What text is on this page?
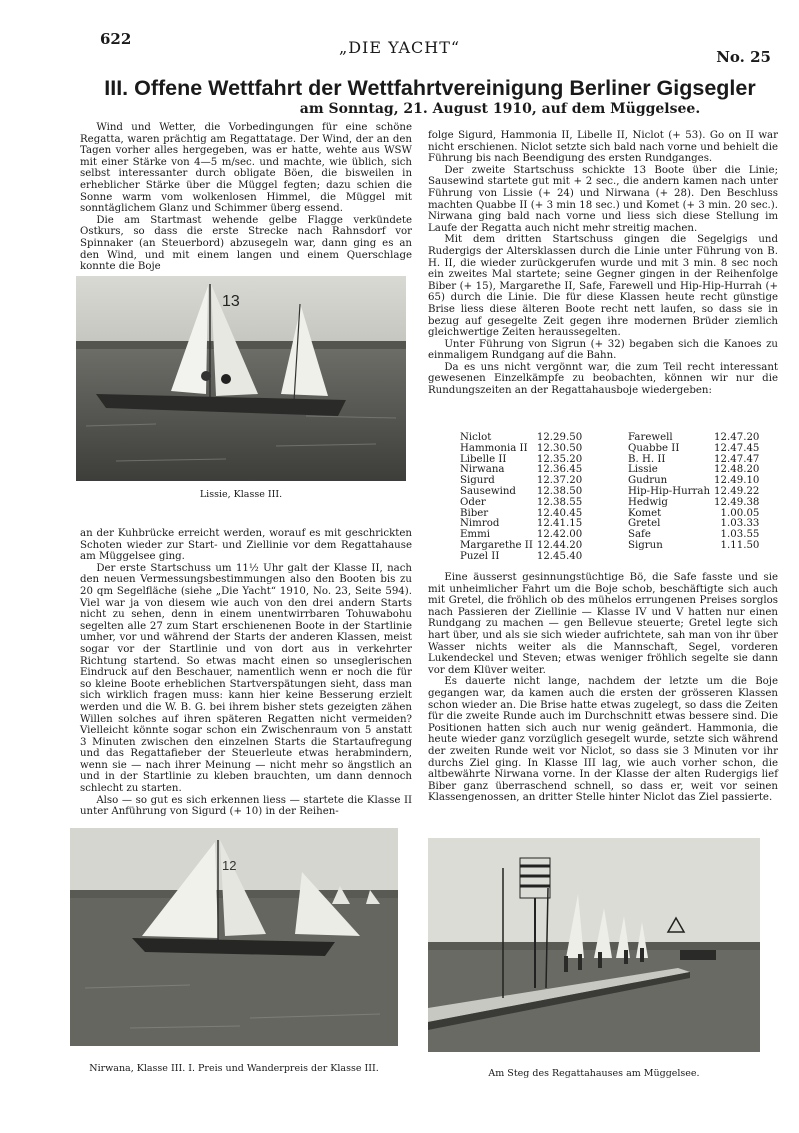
622	„DIE YACHT“	No. 25
III. Offene Wettfahrt der Wettfahrtvereinigung Berliner Gigsegler
am Sonntag, 21. August 1910, auf dem Müggelsee.

Wind und Wetter, die Vorbedingungen für eine schöne Regatta, waren prächtig am Regattatage. Der Wind, der an den Tagen vorher alles hergegeben, was er hatte, wehte aus WSW mit einer Stärke von 4—5 m/sec. und machte, wie üblich, sich selbst interessanter durch obligate Böen, die bisweilen in erheblicher Stärke über die Müggel fegten; dazu schien die Sonne warm vom wolkenlosen Himmel, die Müggel mit sonntäglichem Glanz und Schimmer überg essend.

Die am Startmast wehende gelbe Flagge verkündete Ostkurs, so dass die erste Strecke nach Rahnsdorf vor Spinnaker (an Steuerbord) abzusegeln war, dann ging es an den Wind, und mit einem langen und einem Querschlage konnte die Boje

13
Lissie, Klasse III.

an der Kuhbrücke erreicht werden, worauf es mit geschrickten Schoten wieder zur Start- und Ziellinie vor dem Regattahause am Müggelsee ging.

Der erste Startschuss um 11½ Uhr galt der Klasse II, nach den neuen Vermessungsbestimmungen also den Booten bis zu 20 qm Segelfläche (siehe „Die Yacht“ 1910, No. 23, Seite 594). Viel war ja von diesem wie auch von den drei andern Starts nicht zu sehen, denn in einem unentwirrbaren Tohuwabohu segelten alle 27 zum Start erschienenen Boote in der Startlinie umher, vor und während der Starts der anderen Klassen, meist sogar vor der Startlinie und von dort aus in verkehrter Richtung startend. So etwas macht einen so unseglerischen Eindruck auf den Beschauer, namentlich wenn er noch die für so kleine Boote erheblichen Startverspätungen sieht, dass man sich wirklich fragen muss: kann hier keine Besserung erzielt werden und die W. B. G. bei ihrem bisher stets gezeigten zähen Willen solches auf ihren späteren Regatten nicht vermeiden? Vielleicht könnte sogar schon ein Zwischenraum von 5 anstatt 3 Minuten zwischen den einzelnen Starts die Startaufregung und das Regattafieber der Steuerleute etwas herabmindern, wenn sie — nach ihrer Meinung — nicht mehr so ängstlich an und in der Startlinie zu kleben brauchten, um dann dennoch schlecht zu starten.

Also — so gut es sich erkennen liess — startete die Klasse II unter Anführung von Sigurd (+ 10) in der Reihen-

folge Sigurd, Hammonia II, Libelle II, Niclot (+ 53). Go on II war nicht erschienen. Niclot setzte sich bald nach vorne und behielt die Führung bis nach Beendigung des ersten Rundganges.

Der zweite Startschuss schickte 13 Boote über die Linie; Sausewind startete gut mit + 2 sec., die andern kamen nach unter Führung von Lissie (+ 24) und Nirwana (+ 28). Den Beschluss machten Quabbe II (+ 3 min 18 sec.) und Komet (+ 3 min. 20 sec.). Nirwana ging bald nach vorne und liess sich diese Stellung im Laufe der Regatta auch nicht mehr streitig machen.

Mit dem dritten Startschuss gingen die Segelgigs und Rudergigs der Altersklassen durch die Linie unter Führung von B. H. II, die wieder zurückgerufen wurde und mit 3 min. 8 sec noch ein zweites Mal startete; seine Gegner gingen in der Reihenfolge Biber (+ 15), Margarethe II, Safe, Farewell und Hip-Hip-Hurrah (+ 65) durch die Linie. Die für diese Klassen heute recht günstige Brise liess diese älteren Boote recht nett laufen, so dass sie in bezug auf gesegelte Zeit gegen ihre modernen Brüder ziemlich gleichwertige Zeiten heraussegelten.

Unter Führung von Sigrun (+ 32) begaben sich die Kanoes zu einmaligem Rundgang auf die Bahn.

Da es uns nicht vergönnt war, die zum Teil recht interessant gewesenen Einzelkämpfe zu beobachten, können wir nur die Rundungszeiten an der Regattahausboje wiedergeben:

Niclot	12.29.50
Hammonia II	12.30.50
Libelle II	12.35.20
Nirwana	12.36.45
Sigurd	12.37.20
Sausewind	12.38.50
Oder	12.38.55
Biber	12.40.45
Nimrod	12.41.15
Emmi	12.42.00
Margarethe II	12.44.20
Puzel II	12.45.40
Farewell	12.47.20
Quabbe II	12.47.45
B. H. II	12.47.47
Lissie	12.48.20
Gudrun	12.49.10
Hip-Hip-Hurrah	12.49.22
Hedwig	12.49.38
Komet	1.00.05
Gretel	1.03.33
Safe	1.03.55
Sigrun	1.11.50

Eine äusserst gesinnungstüchtige Bö, die Safe fasste und sie mit unheimlicher Fahrt um die Boje schob, beschäftigte sich auch mit Gretel, die fröhlich ob des mühelos errungenen Preises sorglos nach Passieren der Ziellinie — Klasse IV und V hatten nur einen Rundgang zu machen — gen Bellevue steuerte; Gretel legte sich hart über, und als sie sich wieder aufrichtete, sah man von ihr über Wasser nichts weiter als die Mannschaft, Segel, vorderen Lukendeckel und Steven; etwas weniger fröhlich segelte sie dann vor dem Klüver weiter.

Es dauerte nicht lange, nachdem der letzte um die Boje gegangen war, da kamen auch die ersten der grösseren Klassen schon wieder an. Die Brise hatte etwas zugelegt, so dass die Zeiten für die zweite Runde auch im Durchschnitt etwas bessere sind. Die Positionen hatten sich auch nur wenig geändert. Hammonia, die heute wieder ganz vorzüglich gesegelt wurde, setzte sich während der zweiten Runde weit vor Niclot, so dass sie 3 Minuten vor ihr durchs Ziel ging. In Klasse III lag, wie auch vorher schon, die altbewährte Nirwana vorne. In der Klasse der alten Rudergigs lief Biber ganz überraschend schnell, so dass er, weit vor seinen Klassengenossen, an dritter Stelle hinter Niclot das Ziel passierte.

12
Nirwana, Klasse III. I. Preis und Wanderpreis der Klasse III.	Am Steg des Regattahauses am Müggelsee.
